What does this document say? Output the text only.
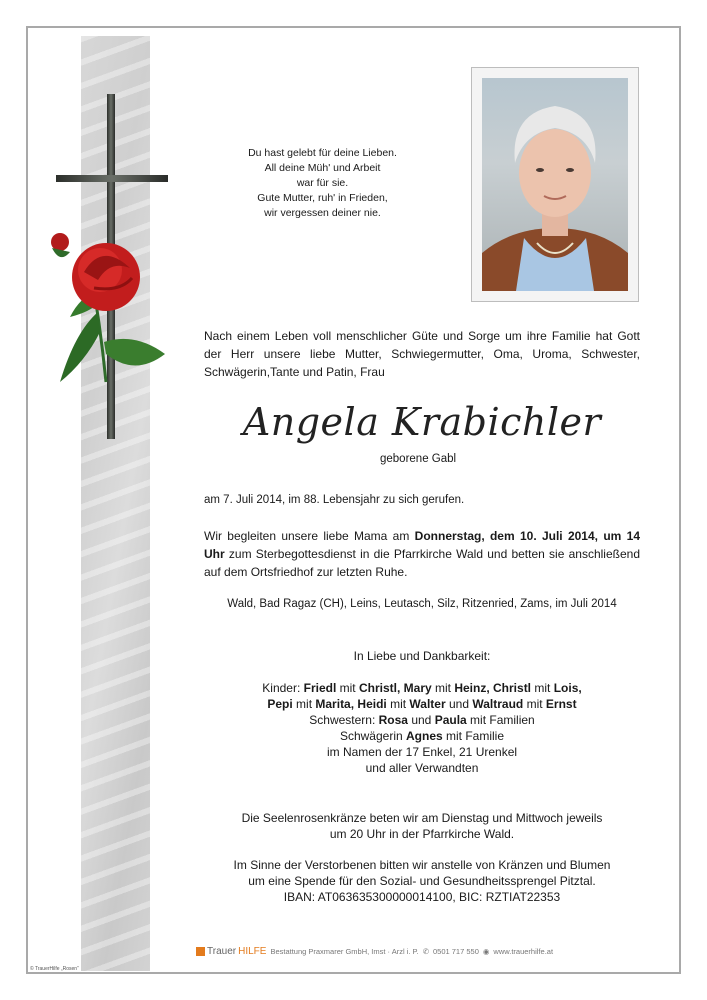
Du hast gelebt für deine Lieben.
All deine Müh' und Arbeit
war für sie.
Gute Mutter, ruh' in Frieden,
wir vergessen deiner nie.
Nach einem Leben voll menschlicher Güte und Sorge um ihre Familie hat Gott der Herr unsere liebe Mutter, Schwiegermutter, Oma, Uroma, Schwester, Schwägerin,Tante und Patin, Frau
Angela Krabichler
geborene Gabl
am 7. Juli 2014, im 88. Lebensjahr zu sich gerufen.
Wir begleiten unsere liebe Mama am Donnerstag, dem 10. Juli 2014, um 14 Uhr zum Sterbegottesdienst in die Pfarrkirche Wald und betten sie anschließend auf dem Ortsfriedhof zur letzten Ruhe.
Wald, Bad Ragaz (CH), Leins, Leutasch, Silz, Ritzenried, Zams, im Juli 2014
In Liebe und Dankbarkeit:
Kinder: Friedl mit Christl, Mary mit Heinz, Christl mit Lois,
Pepi mit Marita, Heidi mit Walter und Waltraud mit Ernst
Schwestern: Rosa und Paula mit Familien
Schwägerin Agnes mit Familie
im Namen der 17 Enkel, 21 Urenkel
und aller Verwandten
Die Seelenrosenkränze beten wir am Dienstag und Mittwoch jeweils
um 20 Uhr in der Pfarrkirche Wald.
Im Sinne der Verstorbenen bitten wir anstelle von Kränzen und Blumen
um eine Spende für den Sozial- und Gesundheitssprengel Pitztal.
IBAN: AT063635300000014100, BIC: RZTIAT22353
Trauer HILFE Bestattung Praxmarer GmbH, Imst · Arzl i. P. ✆ 0501 717 550 ◉ www.trauerhilfe.at
© TrauerHilfe „Rosen“
